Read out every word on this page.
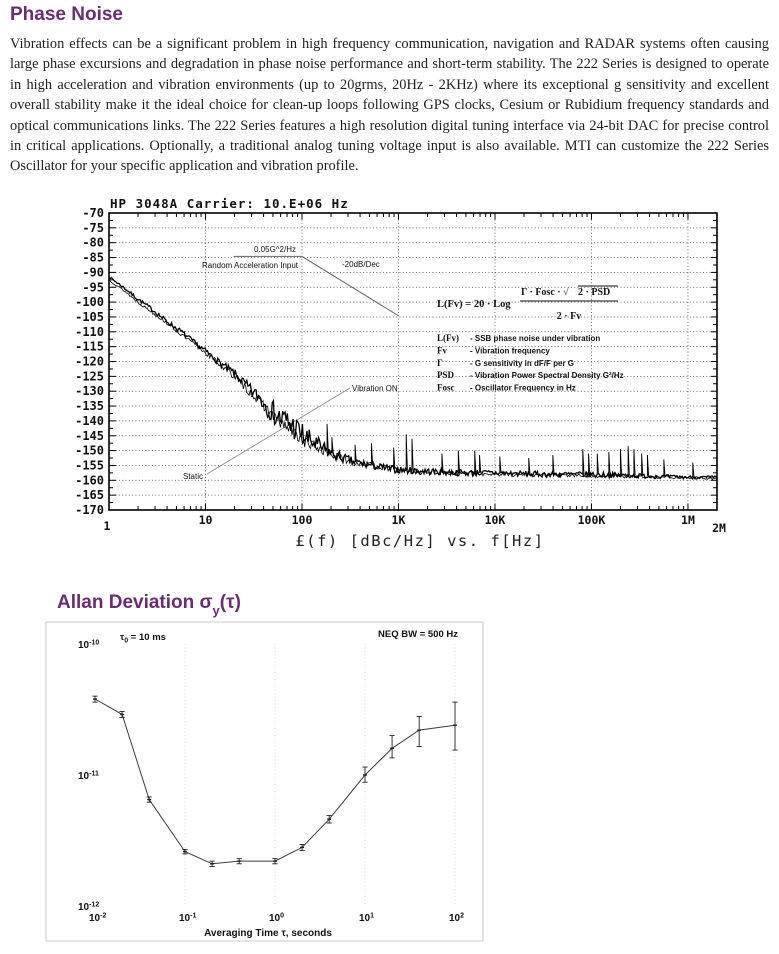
Phase Noise

Vibration effects can be a significant problem in high frequency communication, navigation and RADAR systems often causing large phase excursions and degradation in phase noise performance and short-term stability. The 222 Series is designed to operate in high acceleration and vibration environments (up to 20grms, 20Hz - 2KHz) where its exceptional g sensitivity and excellent overall stability make it the ideal choice for clean-up loops following GPS clocks, Cesium or Rubidium frequency standards and optical communications links. The 222 Series features a high resolution digital tuning interface via 24-bit DAC for precise control in critical applications. Optionally, a traditional analog tuning voltage input is also available. MTI can customize the 222 Series Oscillator for your specific application and vibration profile.

Allan Deviation $\sigma_y(\tau)$
HP 3048A Carrier: 10.E+06 Hz
-70
-75
-80
-85
-90
-95
-100
-105
-110
-115
-120
-125
-130
-135
-140
-145
-150
-155
-160
-165
-170
1	10	100	1K	10K	100K	1M
2M
£(f) [dBc/Hz] vs. f[Hz]
0.05G^2/Hz
Random Acceleration Input	-20dB/Dec
Vibration ON
Static
L(Fv) = 20 · Log
Γ · Fosc · √ 2 · PSD
2 · Fv
L(Fv) - SSB phase noise under vibration
Fv	- Vibration frequency
Γ	- G sensitivity in dF/F per G
PSD - Vibration Power Spectral Density G²/Hz
Fosc - Oscillator Frequency in Hz
$10^{-10}$
$10^{-11}$
$10^{-12}$
$10^{-2}$	$10^{-1}$	$10^0$	$10^1$	$10^2$
$\tau_0 = 10$ ms	NEQ BW = 500 Hz
Averaging Time τ, seconds
